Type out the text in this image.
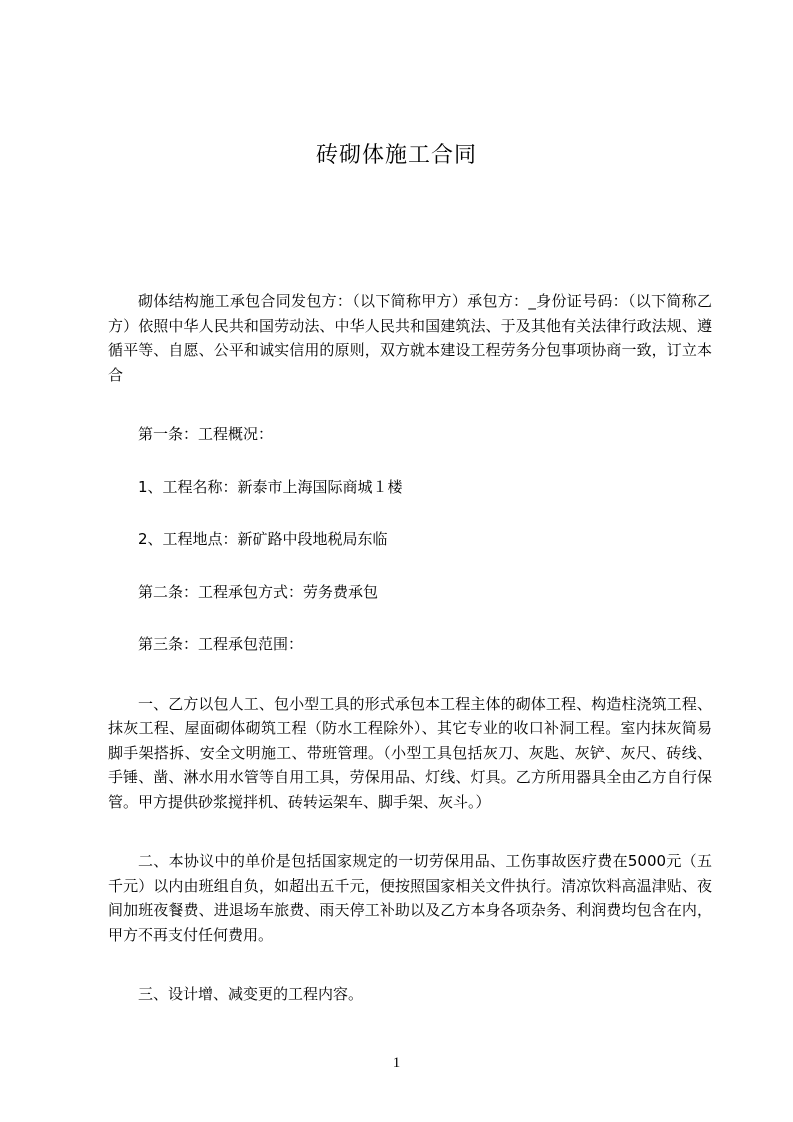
砖砌体施工合同

砌体结构施工承包合同发包方：（以下简称甲方）承包方：_身份证号码：（以下简称乙方）依照中华人民共和国劳动法、中华人民共和国建筑法、于及其他有关法律行政法规、遵循平等、自愿、公平和诚实信用的原则，双方就本建设工程劳务分包事项协商一致，订立本合

第一条：工程概况：

1、工程名称：新泰市上海国际商城１楼

2、工程地点：新矿路中段地税局东临

第二条：工程承包方式：劳务费承包

第三条：工程承包范围：

一、乙方以包人工、包小型工具的形式承包本工程主体的砌体工程、构造柱浇筑工程、抹灰工程、屋面砌体砌筑工程（防水工程除外）、其它专业的收口补洞工程。室内抹灰简易脚手架搭拆、安全文明施工、带班管理。（小型工具包括灰刀、灰匙、灰铲、灰尺、砖线、手锤、凿、淋水用水管等自用工具，劳保用品、灯线、灯具。乙方所用器具全由乙方自行保管。甲方提供砂浆搅拌机、砖转运架车、脚手架、灰斗。）

二、本协议中的单价是包括国家规定的一切劳保用品、工伤事故医疗费在5000元（五千元）以内由班组自负，如超出五千元，便按照国家相关文件执行。清凉饮料高温津贴、夜间加班夜餐费、进退场车旅费、雨天停工补助以及乙方本身各项杂务、利润费均包含在内，甲方不再支付任何费用。

三、设计增、减变更的工程内容。

1
